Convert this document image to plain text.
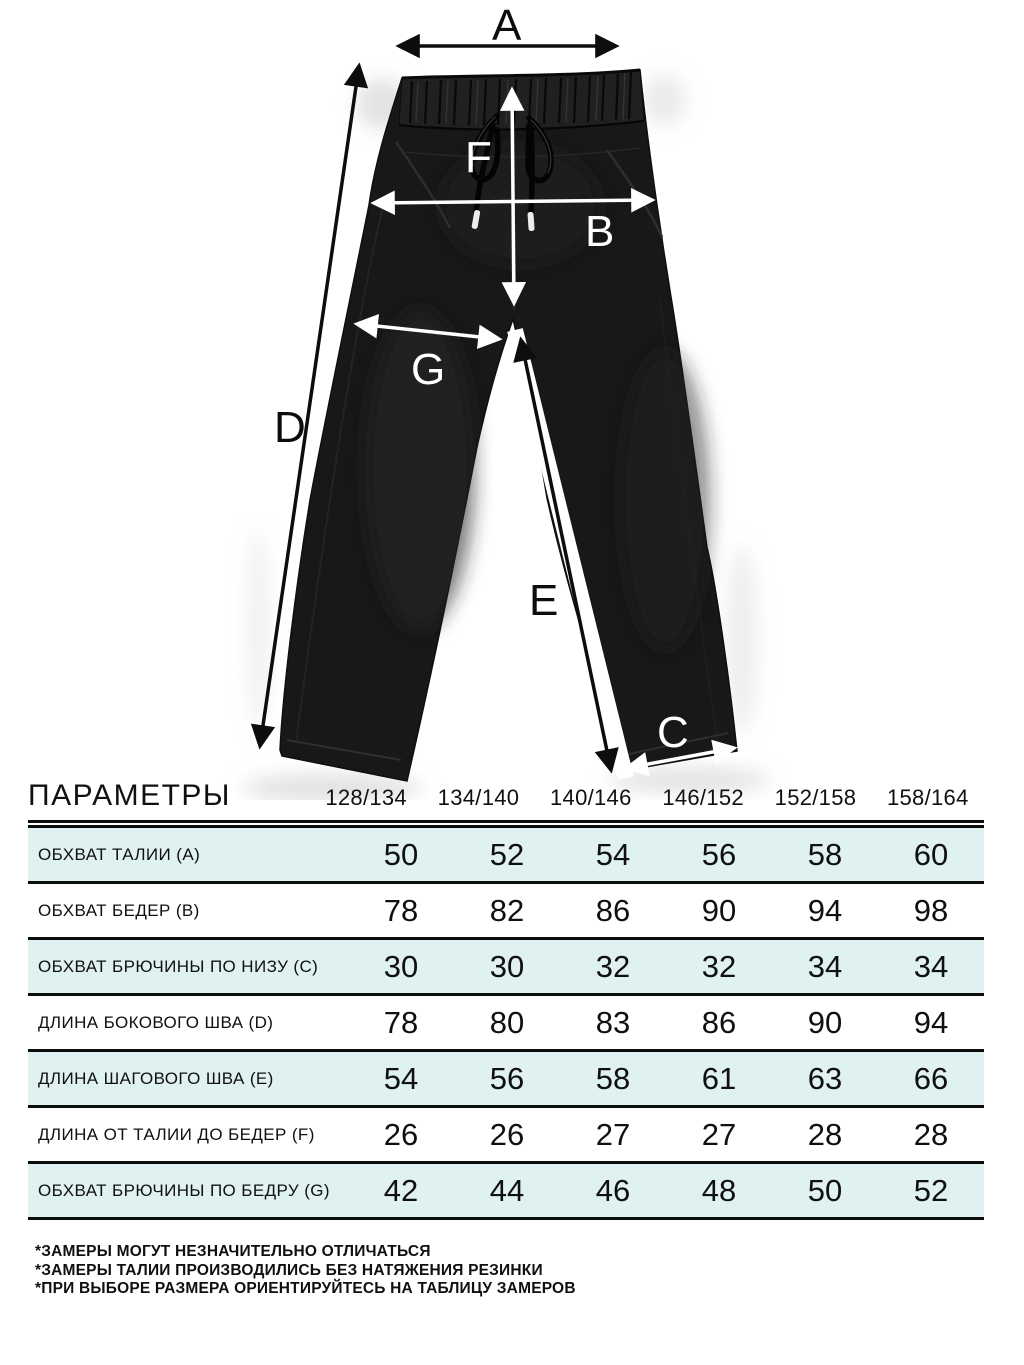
A
D
F
B
G
E
C
ПАРАМЕТРЫ	128/134	134/140	140/146	146/152	152/158	158/164
ОБХВАТ ТАЛИИ (A)	50	52	54	56	58	60
ОБХВАТ БЕДЕР (B)	78	82	86	90	94	98
ОБХВАТ БРЮЧИНЫ ПО НИЗУ (C)	30	30	32	32	34	34
ДЛИНА БОКОВОГО ШВА (D)	78	80	83	86	90	94
ДЛИНА ШАГОВОГО ШВА (E)	54	56	58	61	63	66
ДЛИНА ОТ ТАЛИИ ДО БЕДЕР (F)	26	26	27	27	28	28
ОБХВАТ БРЮЧИНЫ ПО БЕДРУ (G)	42	44	46	48	50	52
*ЗАМЕРЫ МОГУТ НЕЗНАЧИТЕЛЬНО ОТЛИЧАТЬСЯ
*ЗАМЕРЫ ТАЛИИ ПРОИЗВОДИЛИСЬ БЕЗ НАТЯЖЕНИЯ РЕЗИНКИ
*ПРИ ВЫБОРЕ РАЗМЕРА ОРИЕНТИРУЙТЕСЬ НА ТАБЛИЦУ ЗАМЕРОВ
